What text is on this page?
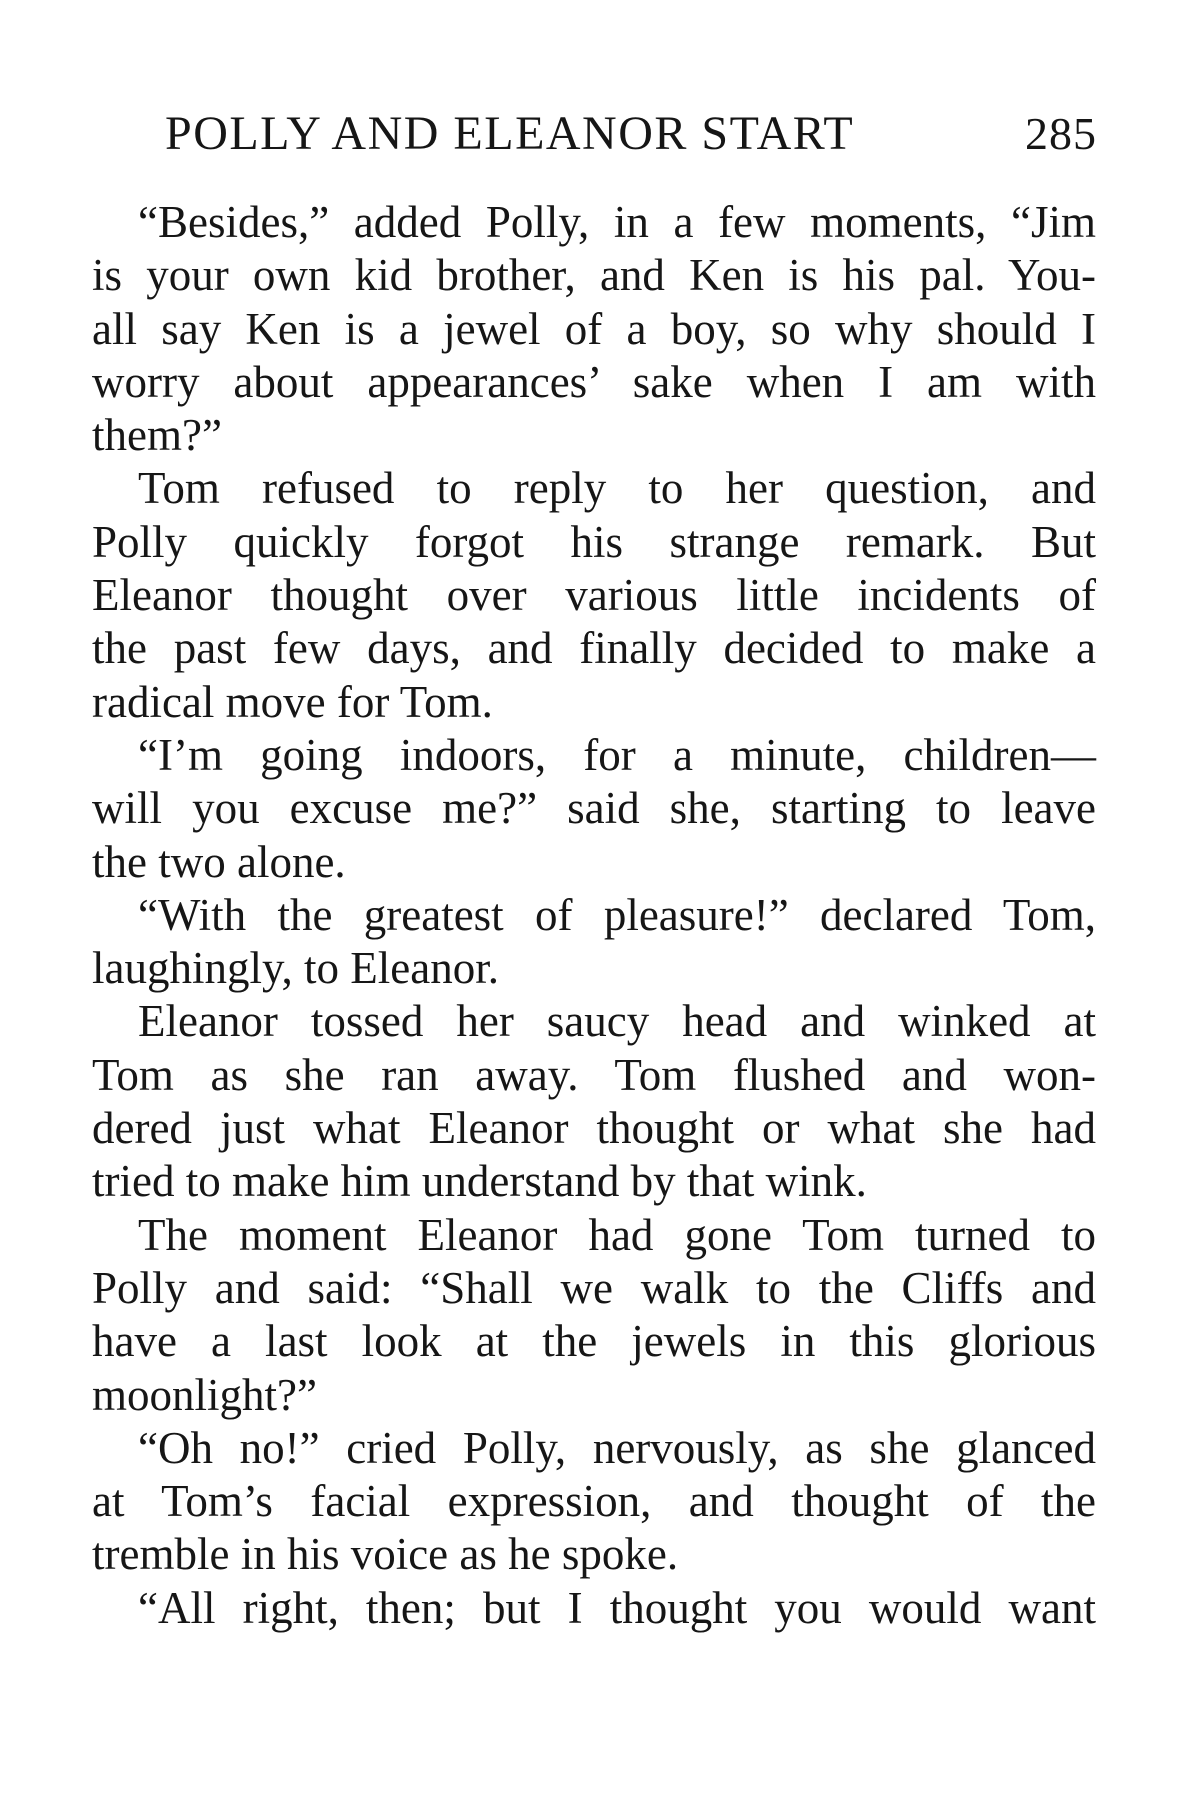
POLLY AND ELEANOR START	285
“Besides,” added Polly, in a few moments, “Jim
is your own kid brother, and Ken is his pal. You-
all say Ken is a jewel of a boy, so why should I
worry about appearances’ sake when I am with
them?”
Tom refused to reply to her question, and
Polly quickly forgot his strange remark. But
Eleanor thought over various little incidents of
the past few days, and finally decided to make a
radical move for Tom.
“I’m going indoors, for a minute, children—
will you excuse me?” said she, starting to leave
the two alone.
“With the greatest of pleasure!” declared Tom,
laughingly, to Eleanor.
Eleanor tossed her saucy head and winked at
Tom as she ran away. Tom flushed and won-
dered just what Eleanor thought or what she had
tried to make him understand by that wink.
The moment Eleanor had gone Tom turned to
Polly and said: “Shall we walk to the Cliffs and
have a last look at the jewels in this glorious
moonlight?”
“Oh no!” cried Polly, nervously, as she glanced
at Tom’s facial expression, and thought of the
tremble in his voice as he spoke.
“All right, then; but I thought you would want
